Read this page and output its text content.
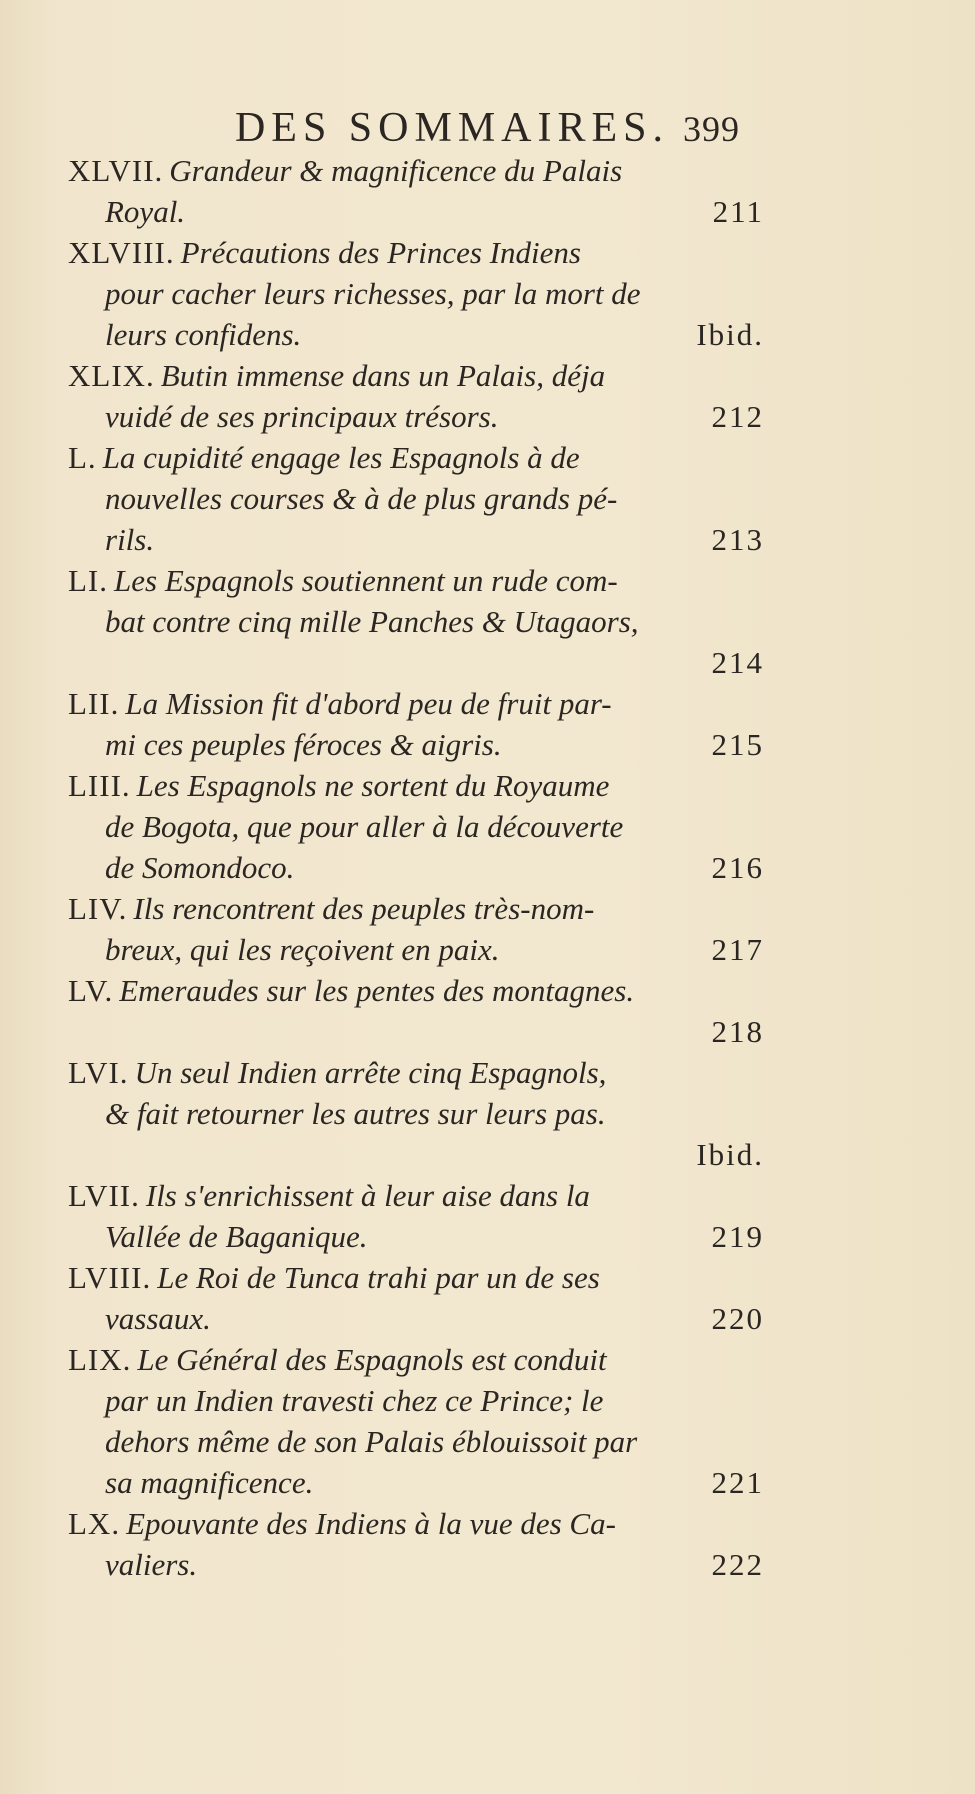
DES SOMMAIRES. 399
XLVII. Grandeur & magnificence du Palais
Royal.	211
XLVIII. Précautions des Princes Indiens
pour cacher leurs richesses, par la mort de
leurs confidens.	Ibid.
XLIX. Butin immense dans un Palais, déja
vuidé de ses principaux trésors.	212
L. La cupidité engage les Espagnols à de
nouvelles courses & à de plus grands pé-
rils.	213
LI. Les Espagnols soutiennent un rude com-
bat contre cinq mille Panches & Utagaors,
214
LII. La Mission fit d'abord peu de fruit par-
mi ces peuples féroces & aigris.	215
LIII. Les Espagnols ne sortent du Royaume
de Bogota, que pour aller à la découverte
de Somondoco.	216
LIV. Ils rencontrent des peuples très-nom-
breux, qui les reçoivent en paix.	217
LV. Emeraudes sur les pentes des montagnes.
218
LVI. Un seul Indien arrête cinq Espagnols,
& fait retourner les autres sur leurs pas.
Ibid.
LVII. Ils s'enrichissent à leur aise dans la
Vallée de Baganique.	219
LVIII. Le Roi de Tunca trahi par un de ses
vassaux.	220
LIX. Le Général des Espagnols est conduit
par un Indien travesti chez ce Prince; le
dehors même de son Palais éblouissoit par
sa magnificence.	221
LX. Epouvante des Indiens à la vue des Ca-
valiers.	222
